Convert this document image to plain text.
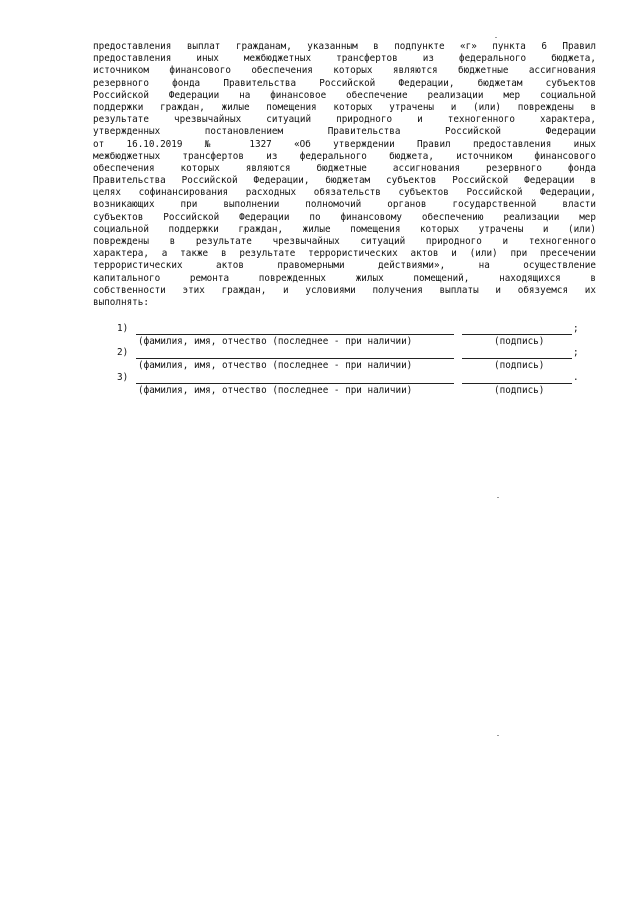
предоставления выплат гражданам, указанным в подпункте «г» пункта 6 Правил
предоставления иных межбюджетных трансфертов из федерального бюджета,
источником финансового обеспечения которых являются бюджетные ассигнования
резервного фонда Правительства Российской Федерации, бюджетам субъектов
Российской Федерации на финансовое обеспечение реализации мер социальной
поддержки граждан, жилые помещения которых утрачены и (или) повреждены в
результате чрезвычайных ситуаций природного и техногенного характера,
утвержденных постановлением Правительства Российской Федерации
от 16.10.2019 № 1327 «Об утверждении Правил предоставления иных
межбюджетных трансфертов из федерального бюджета, источником финансового
обеспечения которых являются бюджетные ассигнования резервного фонда
Правительства Российской Федерации, бюджетам субъектов Российской Федерации в
целях софинансирования расходных обязательств субъектов Российской Федерации,
возникающих при выполнении полномочий органов государственной власти
субъектов Российской Федерации по финансовому обеспечению реализации мер
социальной поддержки граждан, жилые помещения которых утрачены и (или)
повреждены в результате чрезвычайных ситуаций природного и техногенного
характера, а также в результате террористических актов и (или) при пресечении
террористических актов правомерными действиями», на осуществление
капитального ремонта поврежденных жилых помещений, находящихся в
собственности этих граждан, и условиями получения выплаты и обязуемся их
выполнять:
1)	;
(фамилия, имя, отчество (последнее - при наличии)	(подпись)
2)	;
(фамилия, имя, отчество (последнее - при наличии)	(подпись)
3)	.
(фамилия, имя, отчество (последнее - при наличии)	(подпись)
